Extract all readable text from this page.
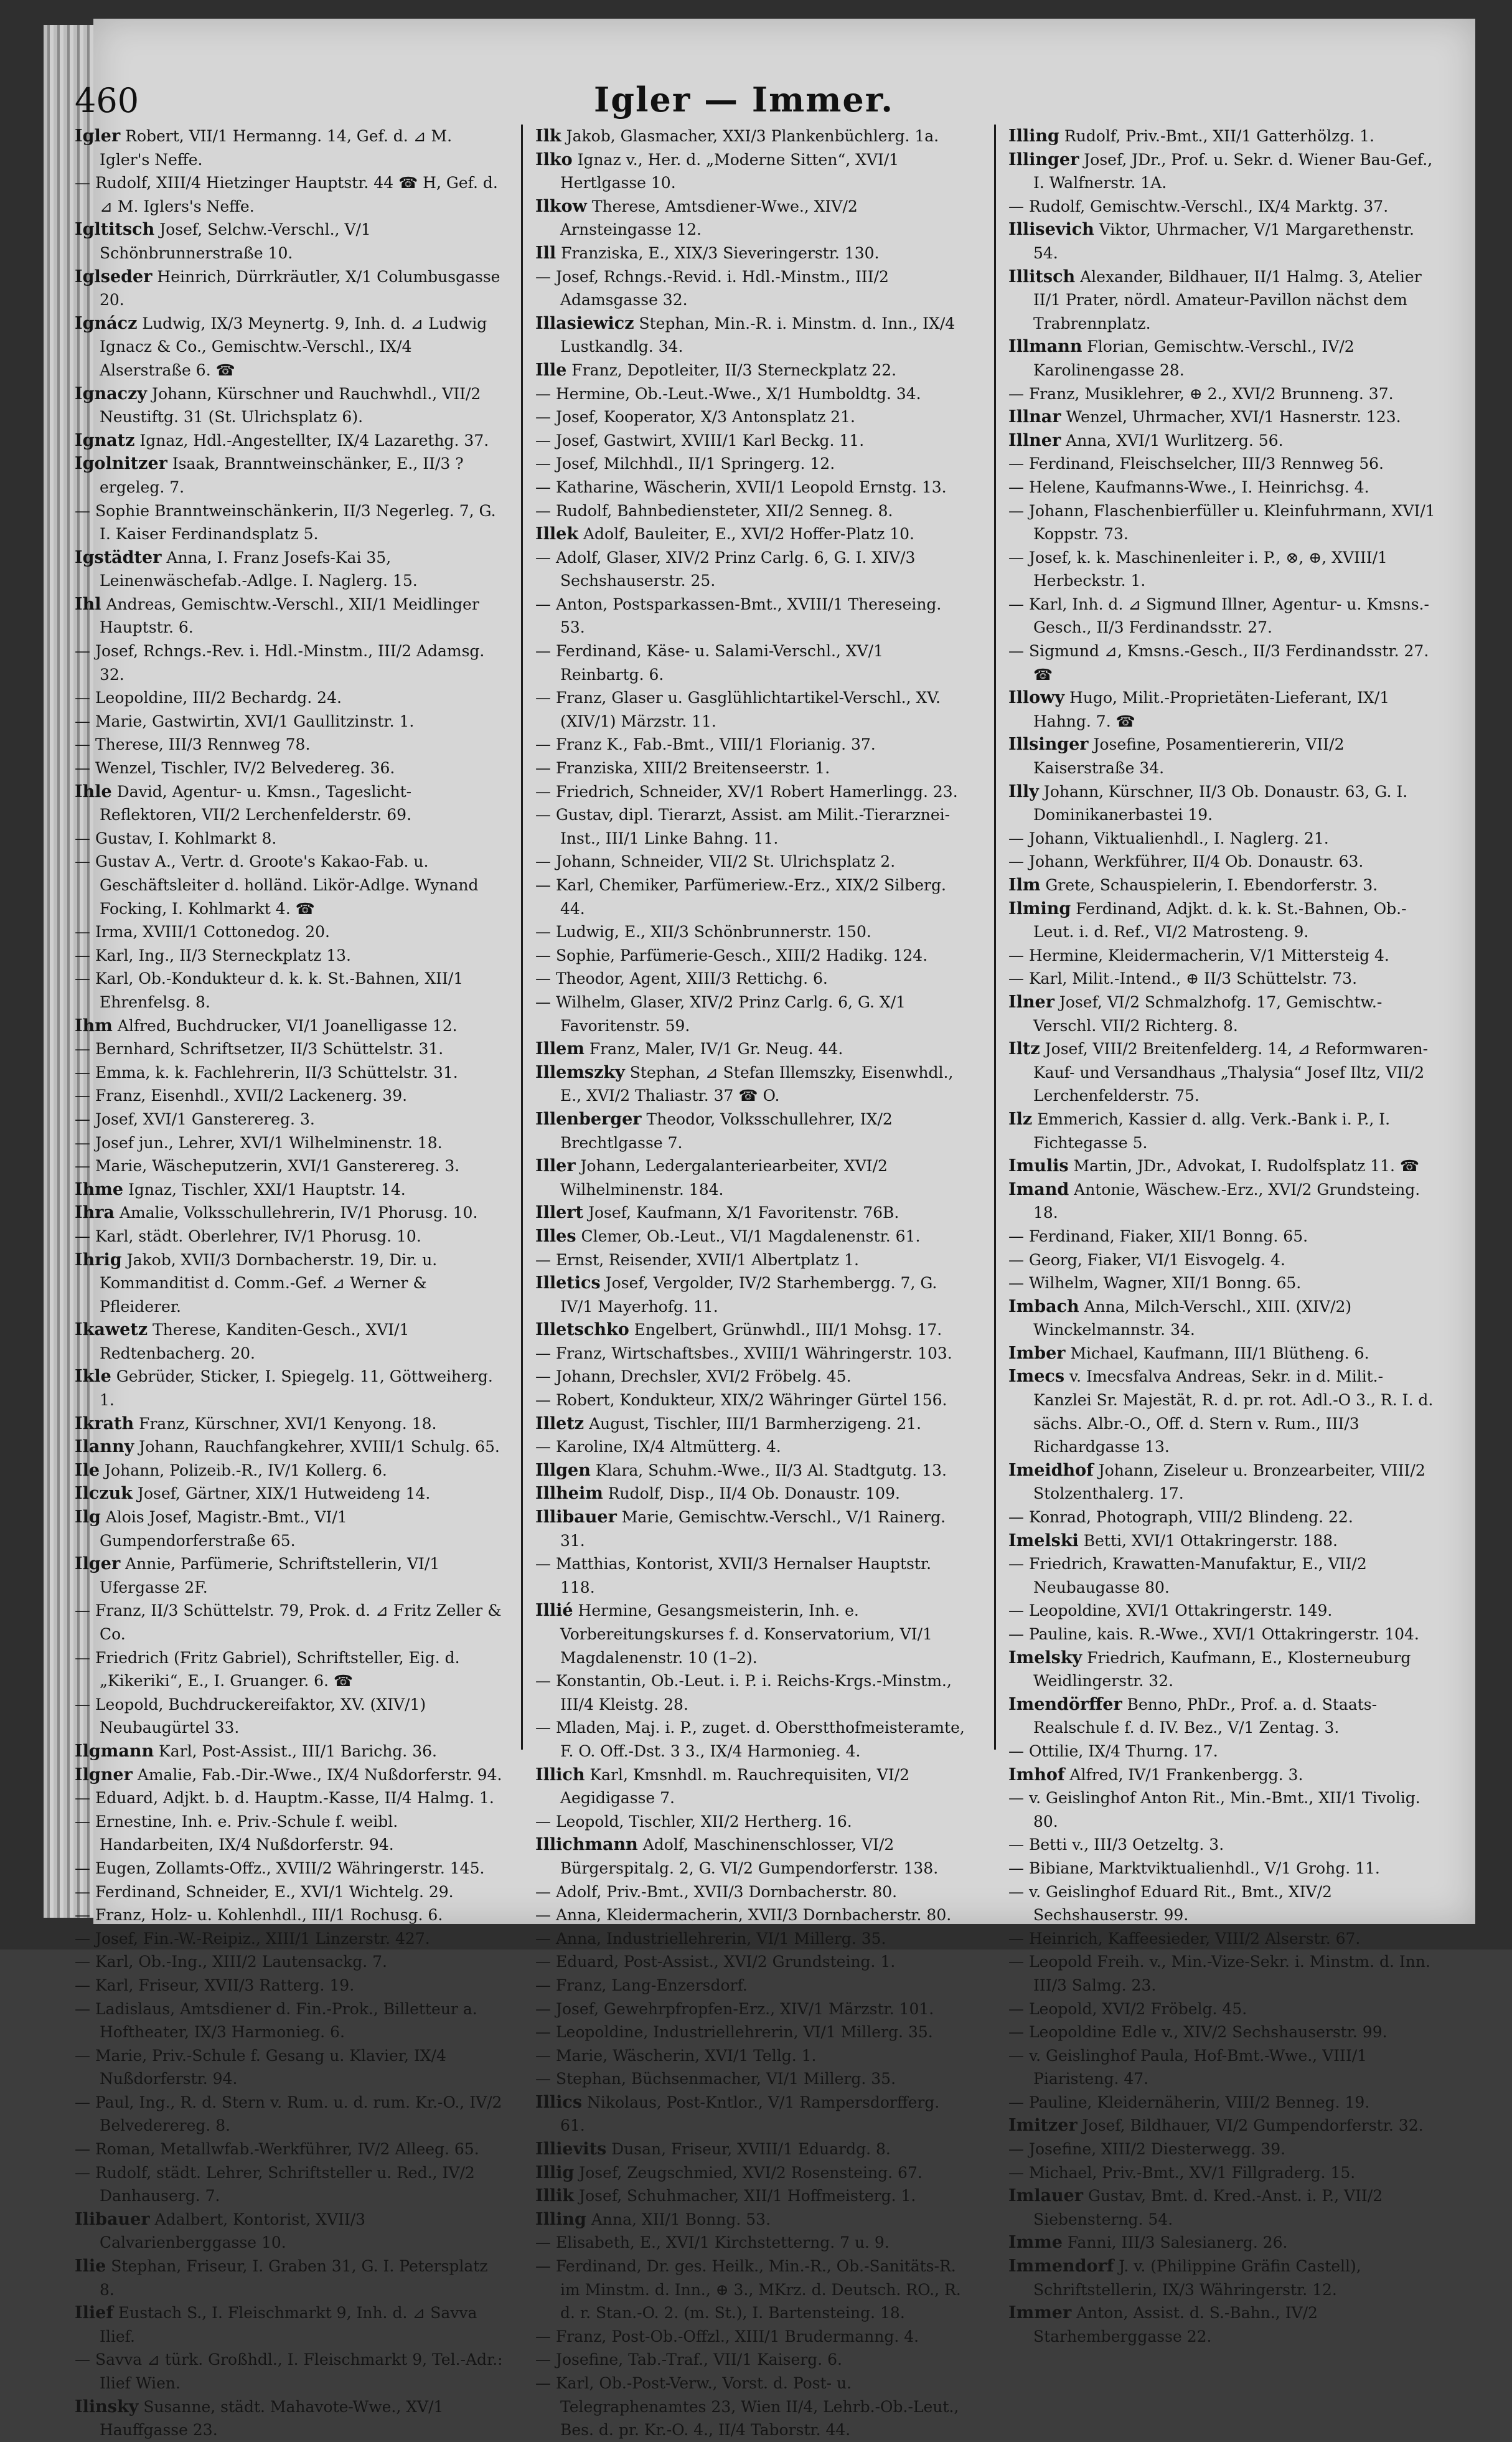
460	Igler — Immer.

Igler Robert, VII/1 Hermanng. 14, Gef. d. ⊿ M. Igler's Neffe.

— Rudolf, XIII/4 Hietzinger Hauptstr. 44 ☎ H, Gef. d. ⊿ M. Iglers's Neffe.

Igltitsch Josef, Selchw.-Verschl., V/1 Schönbrunnerstraße 10.

Iglseder Heinrich, Dürrkräutler, X/1 Columbusgasse 20.

Ignácz Ludwig, IX/3 Meynertg. 9, Inh. d. ⊿ Ludwig Ignacz & Co., Gemischtw.-Verschl., IX/4 Alserstraße 6. ☎

Ignaczy Johann, Kürschner und Rauchwhdl., VII/2 Neustiftg. 31 (St. Ulrichsplatz 6).

Ignatz Ignaz, Hdl.-Angestellter, IX/4 Lazarethg. 37.

Igolnitzer Isaak, Branntweinschänker, E., II/3 ?ergeleg. 7.

— Sophie Branntweinschänkerin, II/3 Negerleg. 7, G. I. Kaiser Ferdinandsplatz 5.

Igstädter Anna, I. Franz Josefs-Kai 35, Leinenwäschefab.-Adlge. I. Naglerg. 15.

Ihl Andreas, Gemischtw.-Verschl., XII/1 Meidlinger Hauptstr. 6.

— Josef, Rchngs.-Rev. i. Hdl.-Minstm., III/2 Adamsg. 32.

— Leopoldine, III/2 Bechardg. 24.

— Marie, Gastwirtin, XVI/1 Gaullitzinstr. 1.

— Therese, III/3 Rennweg 78.

— Wenzel, Tischler, IV/2 Belvedereg. 36.

Ihle David, Agentur- u. Kmsn., Tageslicht-Reflektoren, VII/2 Lerchenfelderstr. 69.

— Gustav, I. Kohlmarkt 8.

— Gustav A., Vertr. d. Groote's Kakao-Fab. u. Geschäftsleiter d. holländ. Likör-Adlge. Wynand Focking, I. Kohlmarkt 4. ☎

— Irma, XVIII/1 Cottonedog. 20.

— Karl, Ing., II/3 Sterneckplatz 13.

— Karl, Ob.-Kondukteur d. k. k. St.-Bahnen, XII/1 Ehrenfelsg. 8.

Ihm Alfred, Buchdrucker, VI/1 Joanelligasse 12.

— Bernhard, Schriftsetzer, II/3 Schüttelstr. 31.

— Emma, k. k. Fachlehrerin, II/3 Schüttelstr. 31.

— Franz, Eisenhdl., XVII/2 Lackenerg. 39.

— Josef, XVI/1 Gansterereg. 3.

— Josef jun., Lehrer, XVI/1 Wilhelminenstr. 18.

— Marie, Wäscheputzerin, XVI/1 Gansterereg. 3.

Ihme Ignaz, Tischler, XXI/1 Hauptstr. 14.

Ihra Amalie, Volksschullehrerin, IV/1 Phorusg. 10.

— Karl, städt. Oberlehrer, IV/1 Phorusg. 10.

Ihrig Jakob, XVII/3 Dornbacherstr. 19, Dir. u. Kommanditist d. Comm.-Gef. ⊿ Werner & Pfleiderer.

Ikawetz Therese, Kanditen-Gesch., XVI/1 Redtenbacherg. 20.

Ikle Gebrüder, Sticker, I. Spiegelg. 11, Göttweiherg. 1.

Ikrath Franz, Kürschner, XVI/1 Kenyong. 18.

Ilanny Johann, Rauchfangkehrer, XVIII/1 Schulg. 65.

Ile Johann, Polizeib.-R., IV/1 Kollerg. 6.

Ilczuk Josef, Gärtner, XIX/1 Hutweideng 14.

Ilg Alois Josef, Magistr.-Bmt., VI/1 Gumpendorferstraße 65.

Ilger Annie, Parfümerie, Schriftstellerin, VI/1 Ufergasse 2F.

— Franz, II/3 Schüttelstr. 79, Prok. d. ⊿ Fritz Zeller & Co.

— Friedrich (Fritz Gabriel), Schriftsteller, Eig. d. „Kikeriki“, E., I. Gruanger. 6. ☎

— Leopold, Buchdruckereifaktor, XV. (XIV/1) Neubaugürtel 33.

Ilgmann Karl, Post-Assist., III/1 Barichg. 36.

Ilgner Amalie, Fab.-Dir.-Wwe., IX/4 Nußdorferstr. 94.

— Eduard, Adjkt. b. d. Hauptm.-Kasse, II/4 Halmg. 1.

— Ernestine, Inh. e. Priv.-Schule f. weibl. Handarbeiten, IX/4 Nußdorferstr. 94.

— Eugen, Zollamts-Offz., XVIII/2 Währingerstr. 145.

— Ferdinand, Schneider, E., XVI/1 Wichtelg. 29.

— Franz, Holz- u. Kohlenhdl., III/1 Rochusg. 6.

— Josef, Fin.-W.-Reipiz., XIII/1 Linzerstr. 427.

— Karl, Ob.-Ing., XIII/2 Lautensackg. 7.

— Karl, Friseur, XVII/3 Ratterg. 19.

— Ladislaus, Amtsdiener d. Fin.-Prok., Billetteur a. Hoftheater, IX/3 Harmonieg. 6.

— Marie, Priv.-Schule f. Gesang u. Klavier, IX/4 Nußdorferstr. 94.

— Paul, Ing., R. d. Stern v. Rum. u. d. rum. Kr.-O., IV/2 Belvederereg. 8.

— Roman, Metallwfab.-Werkführer, IV/2 Alleeg. 65.

— Rudolf, städt. Lehrer, Schriftsteller u. Red., IV/2 Danhauserg. 7.

Ilibauer Adalbert, Kontorist, XVII/3 Calvarienberggasse 10.

Ilie Stephan, Friseur, I. Graben 31, G. I. Petersplatz 8.

Ilief Eustach S., I. Fleischmarkt 9, Inh. d. ⊿ Savva Ilief.

— Savva ⊿ türk. Großhdl., I. Fleischmarkt 9, Tel.-Adr.: Ilief Wien.

Ilinsky Susanne, städt. Mahavote-Wwe., XV/1 Hauffgasse 23.

Ilk Jakob, Glasmacher, XXI/3 Plankenbüchlerg. 1a.

Ilko Ignaz v., Her. d. „Moderne Sitten“, XVI/1 Hertlgasse 10.

Ilkow Therese, Amtsdiener-Wwe., XIV/2 Arnsteingasse 12.

Ill Franziska, E., XIX/3 Sieveringerstr. 130.

— Josef, Rchngs.-Revid. i. Hdl.-Minstm., III/2 Adamsgasse 32.

Illasiewicz Stephan, Min.-R. i. Minstm. d. Inn., IX/4 Lustkandlg. 34.

Ille Franz, Depotleiter, II/3 Sterneckplatz 22.

— Hermine, Ob.-Leut.-Wwe., X/1 Humboldtg. 34.

— Josef, Kooperator, X/3 Antonsplatz 21.

— Josef, Gastwirt, XVIII/1 Karl Beckg. 11.

— Josef, Milchhdl., II/1 Springerg. 12.

— Katharine, Wäscherin, XVII/1 Leopold Ernstg. 13.

— Rudolf, Bahnbediensteter, XII/2 Senneg. 8.

Illek Adolf, Bauleiter, E., XVI/2 Hoffer-Platz 10.

— Adolf, Glaser, XIV/2 Prinz Carlg. 6, G. I. XIV/3 Sechshauserstr. 25.

— Anton, Postsparkassen-Bmt., XVIII/1 Thereseing. 53.

— Ferdinand, Käse- u. Salami-Verschl., XV/1 Reinbartg. 6.

— Franz, Glaser u. Gasglühlichtartikel-Verschl., XV. (XIV/1) Märzstr. 11.

— Franz K., Fab.-Bmt., VIII/1 Florianig. 37.

— Franziska, XIII/2 Breitenseerstr. 1.

— Friedrich, Schneider, XV/1 Robert Hamerlingg. 23.

— Gustav, dipl. Tierarzt, Assist. am Milit.-Tierarznei-Inst., III/1 Linke Bahng. 11.

— Johann, Schneider, VII/2 St. Ulrichsplatz 2.

— Karl, Chemiker, Parfümeriew.-Erz., XIX/2 Silberg. 44.

— Ludwig, E., XII/3 Schönbrunnerstr. 150.

— Sophie, Parfümerie-Gesch., XIII/2 Hadikg. 124.

— Theodor, Agent, XIII/3 Rettichg. 6.

— Wilhelm, Glaser, XIV/2 Prinz Carlg. 6, G. X/1 Favoritenstr. 59.

Illem Franz, Maler, IV/1 Gr. Neug. 44.

Illemszky Stephan, ⊿ Stefan Illemszky, Eisenwhdl., E., XVI/2 Thaliastr. 37 ☎ O.

Illenberger Theodor, Volksschullehrer, IX/2 Brechtlgasse 7.

Iller Johann, Ledergalanteriearbeiter, XVI/2 Wilhelminenstr. 184.

Illert Josef, Kaufmann, X/1 Favoritenstr. 76B.

Illes Clemer, Ob.-Leut., VI/1 Magdalenenstr. 61.

— Ernst, Reisender, XVII/1 Albertplatz 1.

Illetics Josef, Vergolder, IV/2 Starhembergg. 7, G. IV/1 Mayerhofg. 11.

Illetschko Engelbert, Grünwhdl., III/1 Mohsg. 17.

— Franz, Wirtschaftsbes., XVIII/1 Währingerstr. 103.

— Johann, Drechsler, XVI/2 Fröbelg. 45.

— Robert, Kondukteur, XIX/2 Währinger Gürtel 156.

Illetz August, Tischler, III/1 Barmherzigeng. 21.

— Karoline, IX/4 Altmütterg. 4.

Illgen Klara, Schuhm.-Wwe., II/3 Al. Stadtgutg. 13.

Illheim Rudolf, Disp., II/4 Ob. Donaustr. 109.

Illibauer Marie, Gemischtw.-Verschl., V/1 Rainerg. 31.

— Matthias, Kontorist, XVII/3 Hernalser Hauptstr. 118.

Illié Hermine, Gesangsmeisterin, Inh. e. Vorbereitungskurses f. d. Konservatorium, VI/1 Magdalenenstr. 10 (1–2).

— Konstantin, Ob.-Leut. i. P. i. Reichs-Krgs.-Minstm., III/4 Kleistg. 28.

— Mladen, Maj. i. P., zuget. d. Oberstthofmeisteramte, F. O. Off.-Dst. 3 3., IX/4 Harmonieg. 4.

Illich Karl, Kmsnhdl. m. Rauchrequisiten, VI/2 Aegidigasse 7.

— Leopold, Tischler, XII/2 Hertherg. 16.

Illichmann Adolf, Maschinenschlosser, VI/2 Bürgerspitalg. 2, G. VI/2 Gumpendorferstr. 138.

— Adolf, Priv.-Bmt., XVII/3 Dornbacherstr. 80.

— Anna, Kleidermacherin, XVII/3 Dornbacherstr. 80.

— Anna, Industriellehrerin, VI/1 Millerg. 35.

— Eduard, Post-Assist., XVI/2 Grundsteing. 1.

— Franz, Lang-Enzersdorf.

— Josef, Gewehrpfropfen-Erz., XIV/1 Märzstr. 101.

— Leopoldine, Industriellehrerin, VI/1 Millerg. 35.

— Marie, Wäscherin, XVI/1 Tellg. 1.

— Stephan, Büchsenmacher, VI/1 Millerg. 35.

Illics Nikolaus, Post-Kntlor., V/1 Rampersdorfferg. 61.

Illievits Dusan, Friseur, XVIII/1 Eduardg. 8.

Illig Josef, Zeugschmied, XVI/2 Rosensteing. 67.

Illik Josef, Schuhmacher, XII/1 Hoffmeisterg. 1.

Illing Anna, XII/1 Bonng. 53.

— Elisabeth, E., XVI/1 Kirchstetterng. 7 u. 9.

— Ferdinand, Dr. ges. Heilk., Min.-R., Ob.-Sanitäts-R. im Minstm. d. Inn., ⊕ 3., MKrz. d. Deutsch. RO., R. d. r. Stan.-O. 2. (m. St.), I. Bartensteing. 18.

— Franz, Post-Ob.-Offzl., XIII/1 Brudermanng. 4.

— Josefine, Tab.-Traf., VII/1 Kaiserg. 6.

— Karl, Ob.-Post-Verw., Vorst. d. Post- u. Telegraphenamtes 23, Wien II/4, Lehrb.-Ob.-Leut., Bes. d. pr. Kr.-O. 4., II/4 Taborstr. 44.

Illing Rudolf, Priv.-Bmt., XII/1 Gatterhölzg. 1.

Illinger Josef, JDr., Prof. u. Sekr. d. Wiener Bau-Gef., I. Walfnerstr. 1A.

— Rudolf, Gemischtw.-Verschl., IX/4 Marktg. 37.

Illisevich Viktor, Uhrmacher, V/1 Margarethenstr. 54.

Illitsch Alexander, Bildhauer, II/1 Halmg. 3, Atelier II/1 Prater, nördl. Amateur-Pavillon nächst dem Trabrennplatz.

Illmann Florian, Gemischtw.-Verschl., IV/2 Karolinengasse 28.

— Franz, Musiklehrer, ⊕ 2., XVI/2 Brunneng. 37.

Illnar Wenzel, Uhrmacher, XVI/1 Hasnerstr. 123.

Illner Anna, XVI/1 Wurlitzerg. 56.

— Ferdinand, Fleischselcher, III/3 Rennweg 56.

— Helene, Kaufmanns-Wwe., I. Heinrichsg. 4.

— Johann, Flaschenbierfüller u. Kleinfuhrmann, XVI/1 Koppstr. 73.

— Josef, k. k. Maschinenleiter i. P., ⊗, ⊕, XVIII/1 Herbeckstr. 1.

— Karl, Inh. d. ⊿ Sigmund Illner, Agentur- u. Kmsns.-Gesch., II/3 Ferdinandsstr. 27.

— Sigmund ⊿, Kmsns.-Gesch., II/3 Ferdinandsstr. 27. ☎

Illowy Hugo, Milit.-Proprietäten-Lieferant, IX/1 Hahng. 7. ☎

Illsinger Josefine, Posamentiererin, VII/2 Kaiserstraße 34.

Illy Johann, Kürschner, II/3 Ob. Donaustr. 63, G. I. Dominikanerbastei 19.

— Johann, Viktualienhdl., I. Naglerg. 21.

— Johann, Werkführer, II/4 Ob. Donaustr. 63.

Ilm Grete, Schauspielerin, I. Ebendorferstr. 3.

Ilming Ferdinand, Adjkt. d. k. k. St.-Bahnen, Ob.-Leut. i. d. Ref., VI/2 Matrosteng. 9.

— Hermine, Kleidermacherin, V/1 Mittersteig 4.

— Karl, Milit.-Intend., ⊕ II/3 Schüttelstr. 73.

Ilner Josef, VI/2 Schmalzhofg. 17, Gemischtw.-Verschl. VII/2 Richterg. 8.

Iltz Josef, VIII/2 Breitenfelderg. 14, ⊿ Reformwaren-Kauf- und Versandhaus „Thalysia“ Josef Iltz, VII/2 Lerchenfelderstr. 75.

Ilz Emmerich, Kassier d. allg. Verk.-Bank i. P., I. Fichtegasse 5.

Imulis Martin, JDr., Advokat, I. Rudolfsplatz 11. ☎

Imand Antonie, Wäschew.-Erz., XVI/2 Grundsteing. 18.

— Ferdinand, Fiaker, XII/1 Bonng. 65.

— Georg, Fiaker, VI/1 Eisvogelg. 4.

— Wilhelm, Wagner, XII/1 Bonng. 65.

Imbach Anna, Milch-Verschl., XIII. (XIV/2) Winckelmannstr. 34.

Imber Michael, Kaufmann, III/1 Blütheng. 6.

Imecs v. Imecsfalva Andreas, Sekr. in d. Milit.-Kanzlei Sr. Majestät, R. d. pr. rot. Adl.-O 3., R. I. d. sächs. Albr.-O., Off. d. Stern v. Rum., III/3 Richardgasse 13.

Imeidhof Johann, Ziseleur u. Bronzearbeiter, VIII/2 Stolzenthalerg. 17.

— Konrad, Photograph, VIII/2 Blindeng. 22.

Imelski Betti, XVI/1 Ottakringerstr. 188.

— Friedrich, Krawatten-Manufaktur, E., VII/2 Neubaugasse 80.

— Leopoldine, XVI/1 Ottakringerstr. 149.

— Pauline, kais. R.-Wwe., XVI/1 Ottakringerstr. 104.

Imelsky Friedrich, Kaufmann, E., Klosterneuburg Weidlingerstr. 32.

Imendörffer Benno, PhDr., Prof. a. d. Staats-Realschule f. d. IV. Bez., V/1 Zentag. 3.

— Ottilie, IX/4 Thurng. 17.

Imhof Alfred, IV/1 Frankenbergg. 3.

— v. Geislinghof Anton Rit., Min.-Bmt., XII/1 Tivolig. 80.

— Betti v., III/3 Oetzeltg. 3.

— Bibiane, Marktviktualienhdl., V/1 Grohg. 11.

— v. Geislinghof Eduard Rit., Bmt., XIV/2 Sechshauserstr. 99.

— Heinrich, Kaffeesieder, VIII/2 Alserstr. 67.

— Leopold Freih. v., Min.-Vize-Sekr. i. Minstm. d. Inn. III/3 Salmg. 23.

— Leopold, XVI/2 Fröbelg. 45.

— Leopoldine Edle v., XIV/2 Sechshauserstr. 99.

— v. Geislinghof Paula, Hof-Bmt.-Wwe., VIII/1 Piaristeng. 47.

— Pauline, Kleidernäherin, VIII/2 Benneg. 19.

Imitzer Josef, Bildhauer, VI/2 Gumpendorferstr. 32.

— Josefine, XIII/2 Diesterwegg. 39.

— Michael, Priv.-Bmt., XV/1 Fillgraderg. 15.

Imlauer Gustav, Bmt. d. Kred.-Anst. i. P., VII/2 Siebensterng. 54.

Imme Fanni, III/3 Salesianerg. 26.

Immendorf J. v. (Philippine Gräfin Castell), Schriftstellerin, IX/3 Währingerstr. 12.

Immer Anton, Assist. d. S.-Bahn., IV/2 Starhemberggasse 22.
